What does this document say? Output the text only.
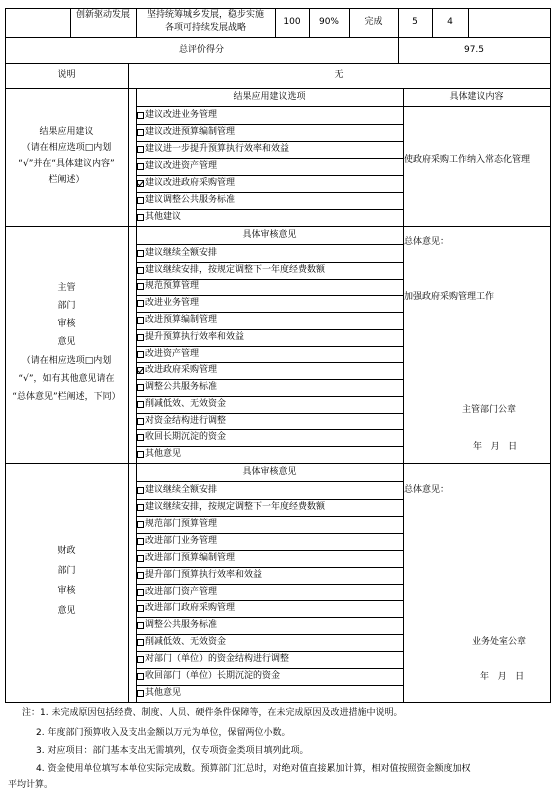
创新驱动发展	坚持统筹城乡发展，稳步实施
各项可持续发展战略
100	90%	完成	5	4
总评价得分	97.5
说明	无
结果应用建议
（请在相应选项□内划
“√”并在“具体建议内容”
栏阐述）
结果应用建议选项	具体建议内容
建议改进业务管理
建议改进预算编制管理
建议进一步提升预算执行效率和效益
建议改进资产管理
建议改进政府采购管理
建议调整公共服务标准
其他建议
使政府采购工作纳入常态化管理
主管
部门
审核
意见
（请在相应选项□内划
“√”，如有其他意见请在
“总体意见”栏阐述，下同）
具体审核意见
建议继续全额安排
建议继续安排，按规定调整下一年度经费数额
规范预算管理
改进业务管理
改进预算编制管理
提升预算执行效率和效益
改进资产管理
改进政府采购管理
调整公共服务标准
削减低效、无效资金
对资金结构进行调整
收回长期沉淀的资金
其他意见
总体意见：
加强政府采购管理工作
主管部门公章
年   月   日
财政
部门
审核
意见
具体审核意见
建议继续全额安排
建议继续安排，按规定调整下一年度经费数额
规范部门预算管理
改进部门业务管理
改进部门预算编制管理
提升部门预算执行效率和效益
改进部门资产管理
改进部门政府采购管理
调整公共服务标准
削减低效、无效资金
对部门（单位）的资金结构进行调整
收回部门（单位）长期沉淀的资金
其他意见
总体意见：
业务处室公章
年   月   日
注：1. 未完成原因包括经费、制度、人员、硬件条件保障等，在未完成原因及改进措施中说明。
2. 年度部门预算收入及支出金额以万元为单位，保留两位小数。
3. 对应项目：部门基本支出无需填列，仅专项资金类项目填列此项。
4. 资金使用单位填写本单位实际完成数。预算部门汇总时，对绝对值直接累加计算，相对值按照资金额度加权
平均计算。
